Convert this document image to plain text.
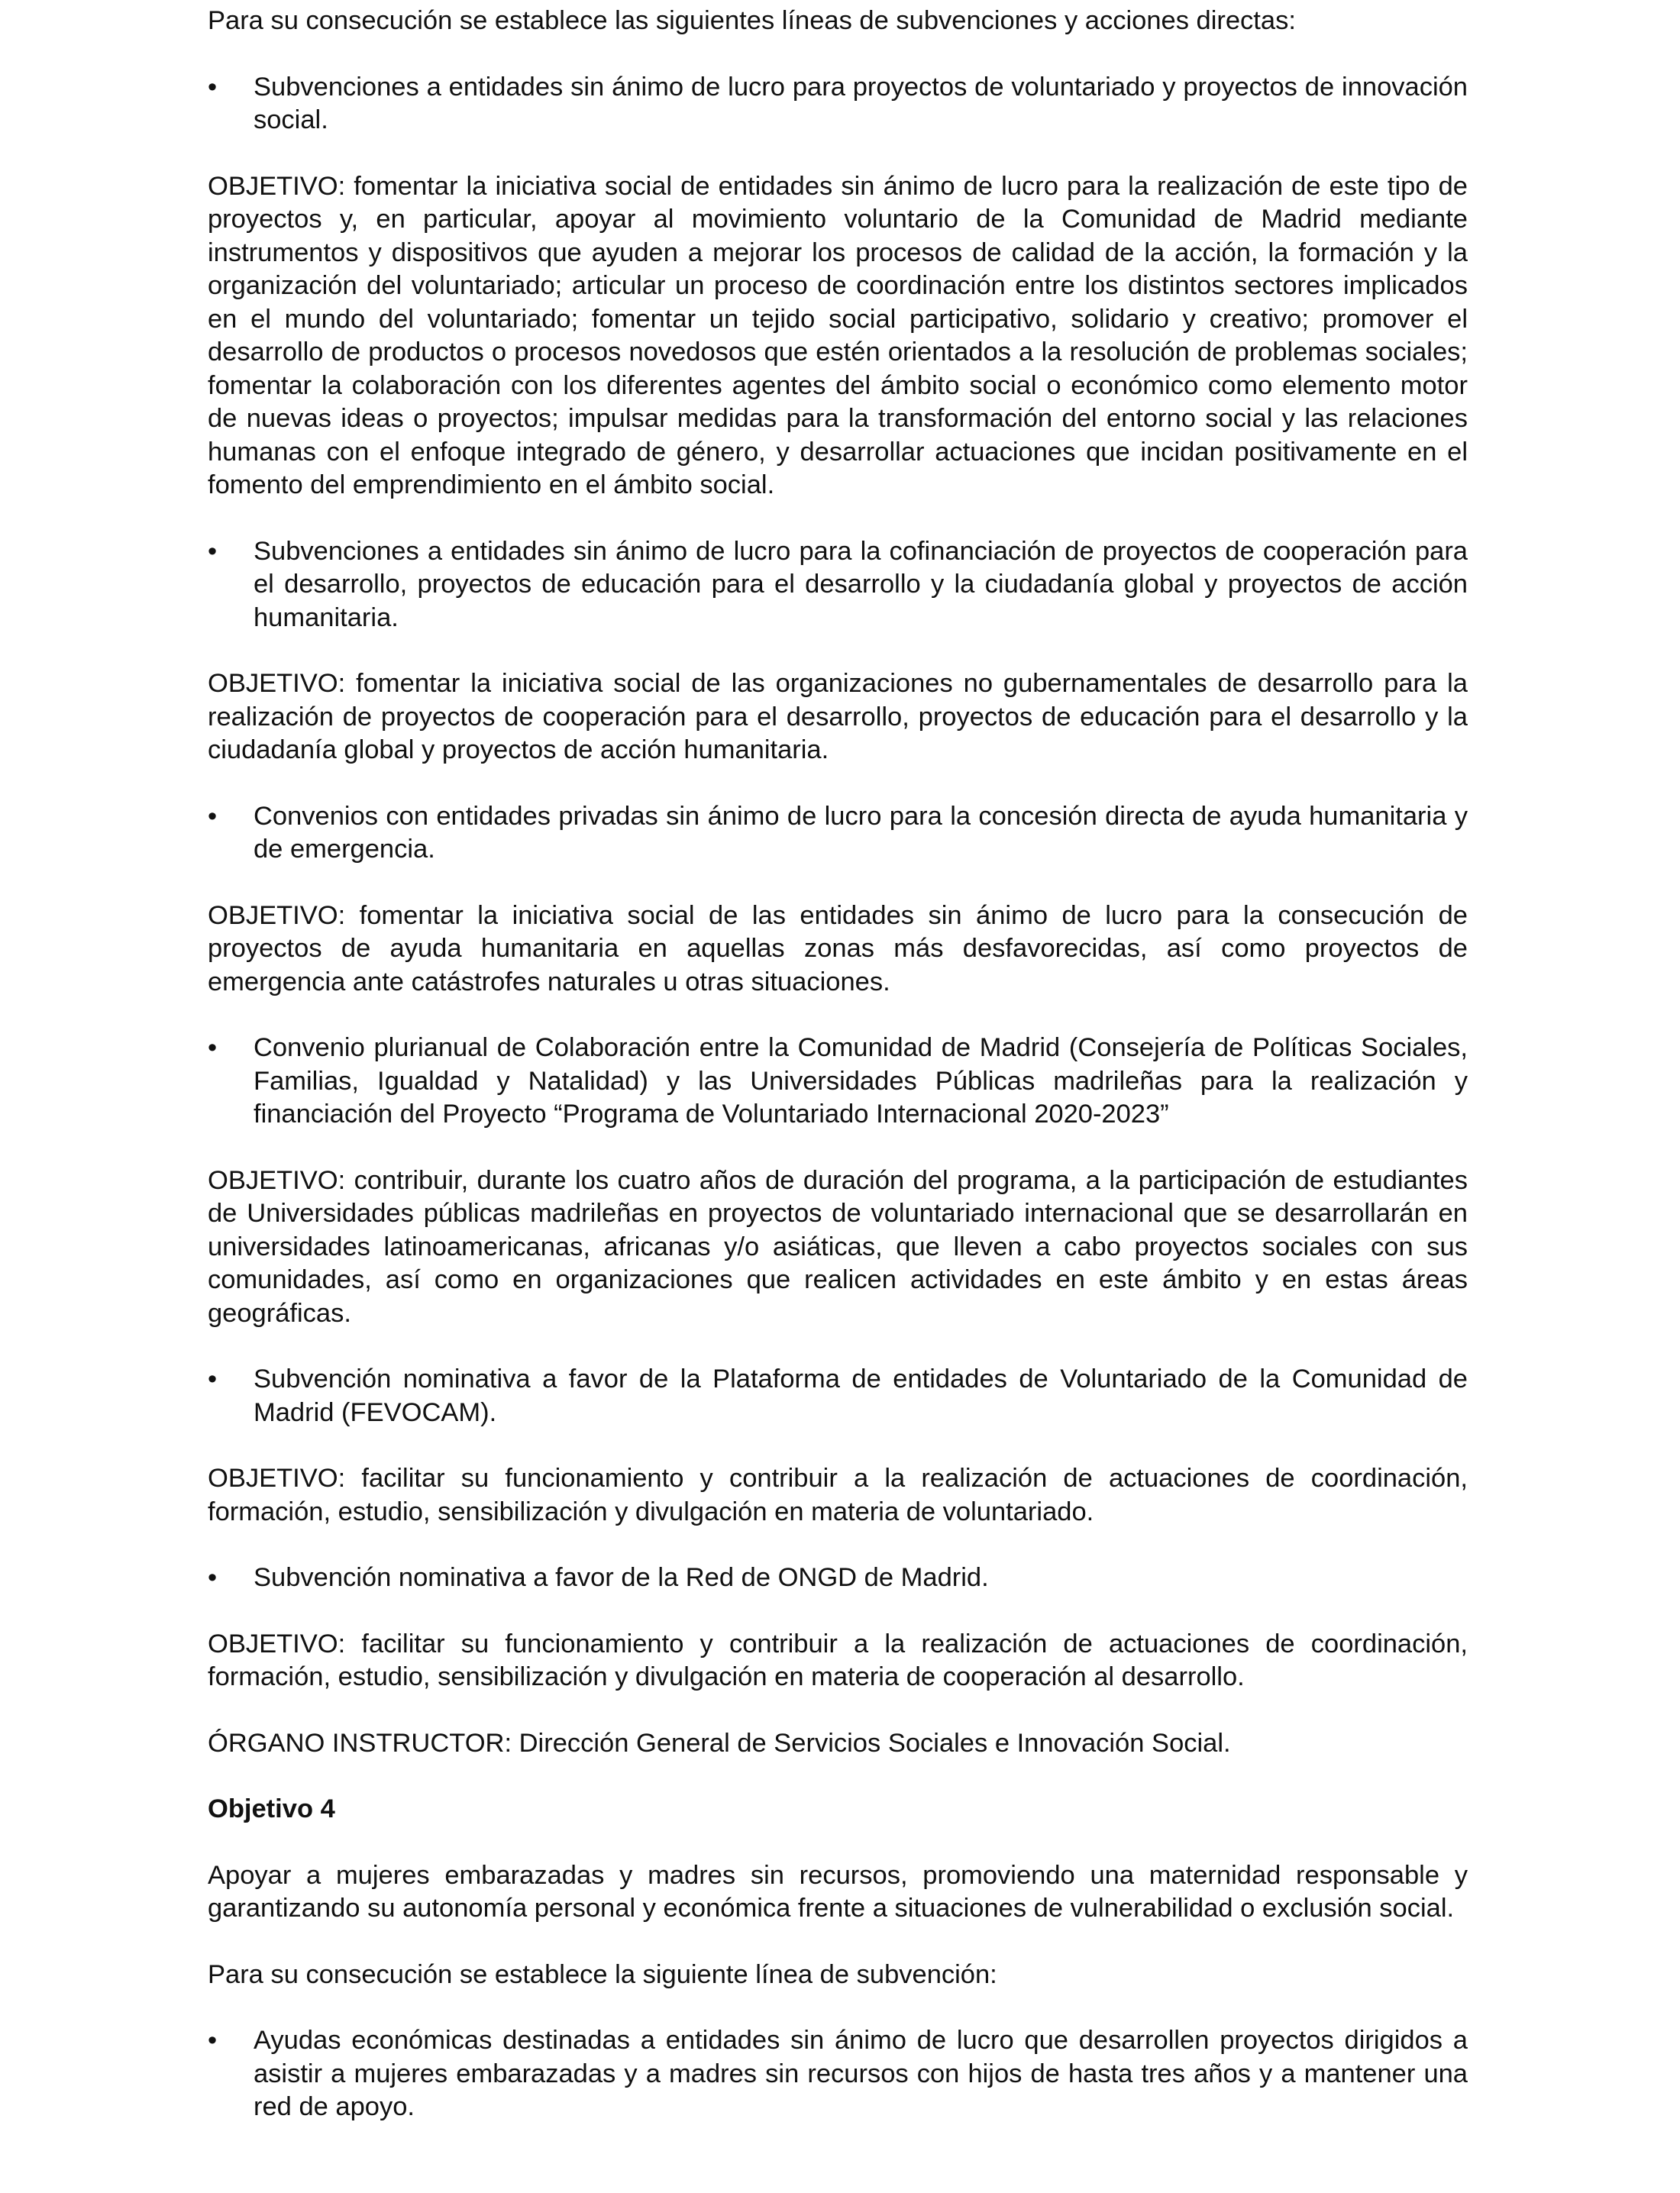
Para su consecución se establece las siguientes líneas de subvenciones y acciones directas:

•	Subvenciones a entidades sin ánimo de lucro para proyectos de voluntariado y proyectos de innovación social.

OBJETIVO: fomentar la iniciativa social de entidades sin ánimo de lucro para la realización de este tipo de proyectos y, en particular, apoyar al movimiento voluntario de la Comunidad de Madrid mediante instrumentos y dispositivos que ayuden a mejorar los procesos de calidad de la acción, la formación y la organización del voluntariado; articular un proceso de coordinación entre los distintos sectores implicados en el mundo del voluntariado; fomentar un tejido social participativo, solidario y creativo; promover el desarrollo de productos o procesos novedosos que estén orientados a la resolución de problemas sociales; fomentar la colaboración con los diferentes agentes del ámbito social o económico como elemento motor de nuevas ideas o proyectos; impulsar medidas para la transformación del entorno social y las relaciones humanas con el enfoque integrado de género, y desarrollar actuaciones que incidan positivamente en el fomento del emprendimiento en el ámbito social.

•	Subvenciones a entidades sin ánimo de lucro para la cofinanciación de proyectos de cooperación para el desarrollo, proyectos de educación para el desarrollo y la ciudadanía global y proyectos de acción humanitaria.

OBJETIVO: fomentar la iniciativa social de las organizaciones no gubernamentales de desarrollo para la realización de proyectos de cooperación para el desarrollo, proyectos de educación para el desarrollo y la ciudadanía global y proyectos de acción humanitaria.

•	Convenios con entidades privadas sin ánimo de lucro para la concesión directa de ayuda humanitaria y de emergencia.

OBJETIVO: fomentar la iniciativa social de las entidades sin ánimo de lucro para la consecución de proyectos de ayuda humanitaria en aquellas zonas más desfavorecidas, así como proyectos de emergencia ante catástrofes naturales u otras situaciones.

•	Convenio plurianual de Colaboración entre la Comunidad de Madrid (Consejería de Políticas Sociales, Familias, Igualdad y Natalidad) y las Universidades Públicas madrileñas para la realización y financiación del Proyecto “Programa de Voluntariado Internacional 2020-2023”

OBJETIVO: contribuir, durante los cuatro años de duración del programa, a la participación de estudiantes de Universidades públicas madrileñas en proyectos de voluntariado internacional que se desarrollarán en universidades latinoamericanas, africanas y/o asiáticas, que lleven a cabo proyectos sociales con sus comunidades, así como en organizaciones que realicen actividades en este ámbito y en estas áreas geográficas.

•	Subvención nominativa a favor de la Plataforma de entidades de Voluntariado de la Comunidad de Madrid (FEVOCAM).

OBJETIVO: facilitar su funcionamiento y contribuir a la realización de actuaciones de coordinación, formación, estudio, sensibilización y divulgación en materia de voluntariado.

•	Subvención nominativa a favor de la Red de ONGD de Madrid.

OBJETIVO: facilitar su funcionamiento y contribuir a la realización de actuaciones de coordinación, formación, estudio, sensibilización y divulgación en materia de cooperación al desarrollo.

ÓRGANO INSTRUCTOR: Dirección General de Servicios Sociales e Innovación Social.

Objetivo 4

Apoyar a mujeres embarazadas y madres sin recursos, promoviendo una maternidad responsable y garantizando su autonomía personal y económica frente a situaciones de vulnerabilidad o exclusión social.

Para su consecución se establece la siguiente línea de subvención:

•	Ayudas económicas destinadas a entidades sin ánimo de lucro que desarrollen proyectos dirigidos a asistir a mujeres embarazadas y a madres sin recursos con hijos de hasta tres años y a mantener una red de apoyo.
